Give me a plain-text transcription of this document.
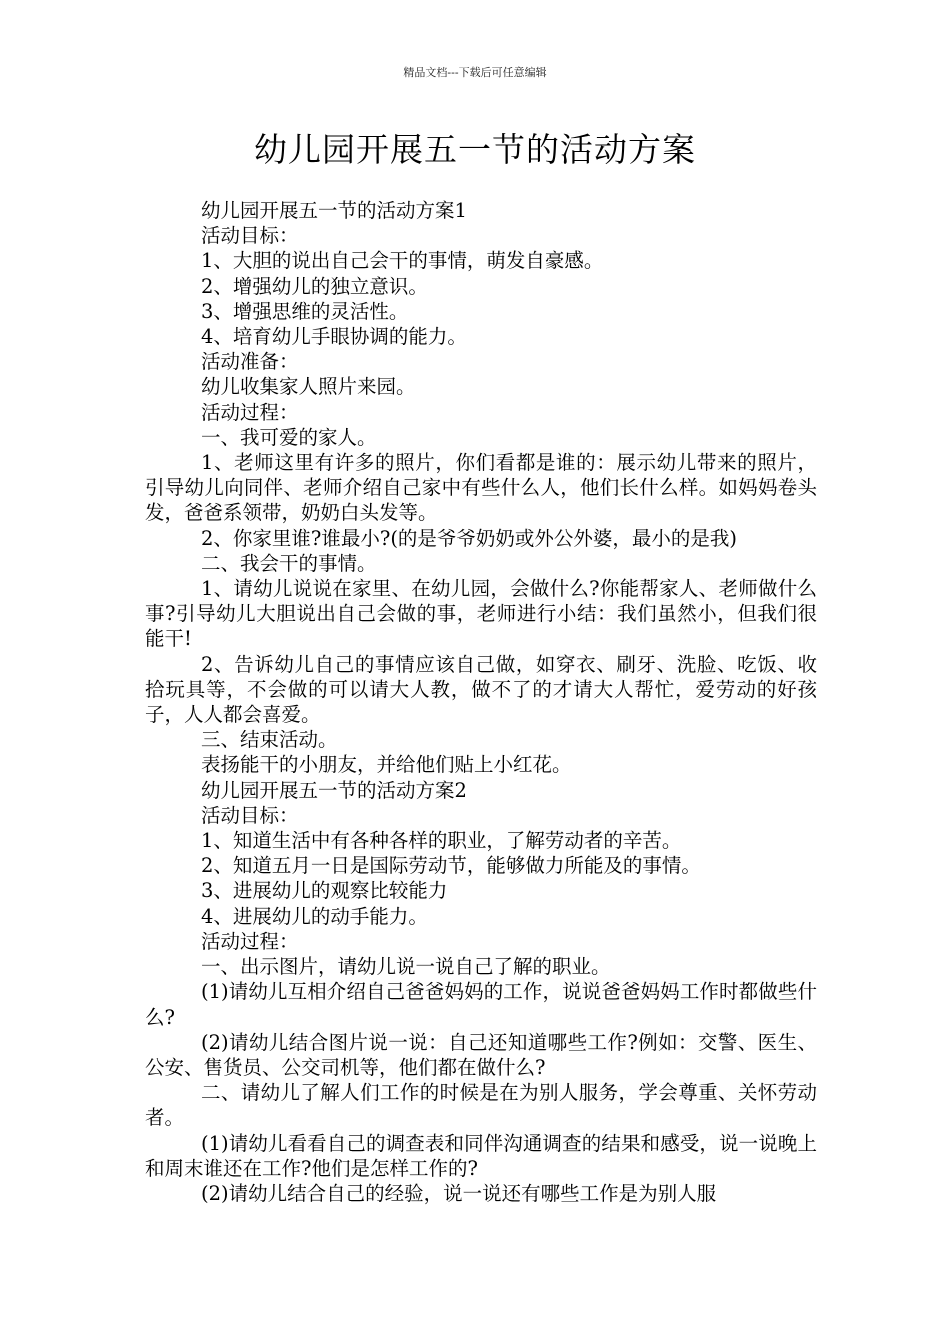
精品文档---下载后可任意编辑
幼儿园开展五一节的活动方案

幼儿园开展五一节的活动方案1

活动目标：

1、大胆的说出自己会干的事情，萌发自豪感。

2、增强幼儿的独立意识。

3、增强思维的灵活性。

4、培育幼儿手眼协调的能力。

活动准备：

幼儿收集家人照片来园。

活动过程：

一、我可爱的家人。

1、老师这里有许多的照片，你们看都是谁的：展示幼儿带来的照片，引导幼儿向同伴、老师介绍自己家中有些什么人，他们长什么样。如妈妈卷头发，爸爸系领带，奶奶白头发等。

2、你家里谁?谁最小?(的是爷爷奶奶或外公外婆，最小的是我)

二、我会干的事情。

1、请幼儿说说在家里、在幼儿园，会做什么?你能帮家人、老师做什么事?引导幼儿大胆说出自己会做的事，老师进行小结：我们虽然小，但我们很能干!

2、告诉幼儿自己的事情应该自己做，如穿衣、刷牙、洗脸、吃饭、收拾玩具等，不会做的可以请大人教，做不了的才请大人帮忙，爱劳动的好孩子，人人都会喜爱。

三、结束活动。

表扬能干的小朋友，并给他们贴上小红花。

幼儿园开展五一节的活动方案2

活动目标：

1、知道生活中有各种各样的职业，了解劳动者的辛苦。

2、知道五月一日是国际劳动节，能够做力所能及的事情。

3、进展幼儿的观察比较能力

4、进展幼儿的动手能力。

活动过程：

一、出示图片，请幼儿说一说自己了解的职业。

(1)请幼儿互相介绍自己爸爸妈妈的工作，说说爸爸妈妈工作时都做些什么?

(2)请幼儿结合图片说一说：自己还知道哪些工作?例如：交警、医生、公安、售货员、公交司机等，他们都在做什么?

二、请幼儿了解人们工作的时候是在为别人服务，学会尊重、关怀劳动者。

(1)请幼儿看看自己的调查表和同伴沟通调查的结果和感受，说一说晚上和周末谁还在工作?他们是怎样工作的?

(2)请幼儿结合自己的经验，说一说还有哪些工作是为别人服
